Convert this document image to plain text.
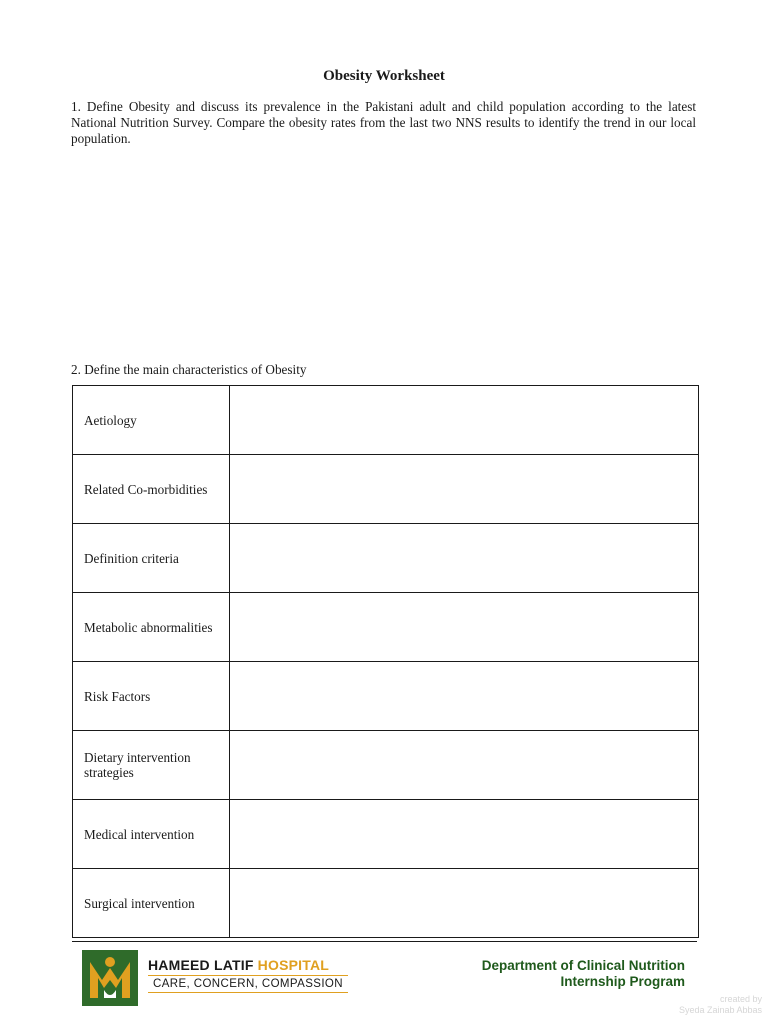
Obesity Worksheet
1. Define Obesity and discuss its prevalence in the Pakistani adult and child population according to the latest National Nutrition Survey. Compare the obesity rates from the last two NNS results to identify the trend in our local population.
2. Define the main characteristics of Obesity
Aetiology	
Related Co-morbidities	
Definition criteria	
Metabolic abnormalities	
Risk Factors	
Dietary intervention strategies	
Medical intervention	
Surgical intervention	
HAMEED LATIF HOSPITAL
CARE, CONCERN, COMPASSION
Department of Clinical Nutrition
Internship Program
created by
Syeda Zainab Abbas
